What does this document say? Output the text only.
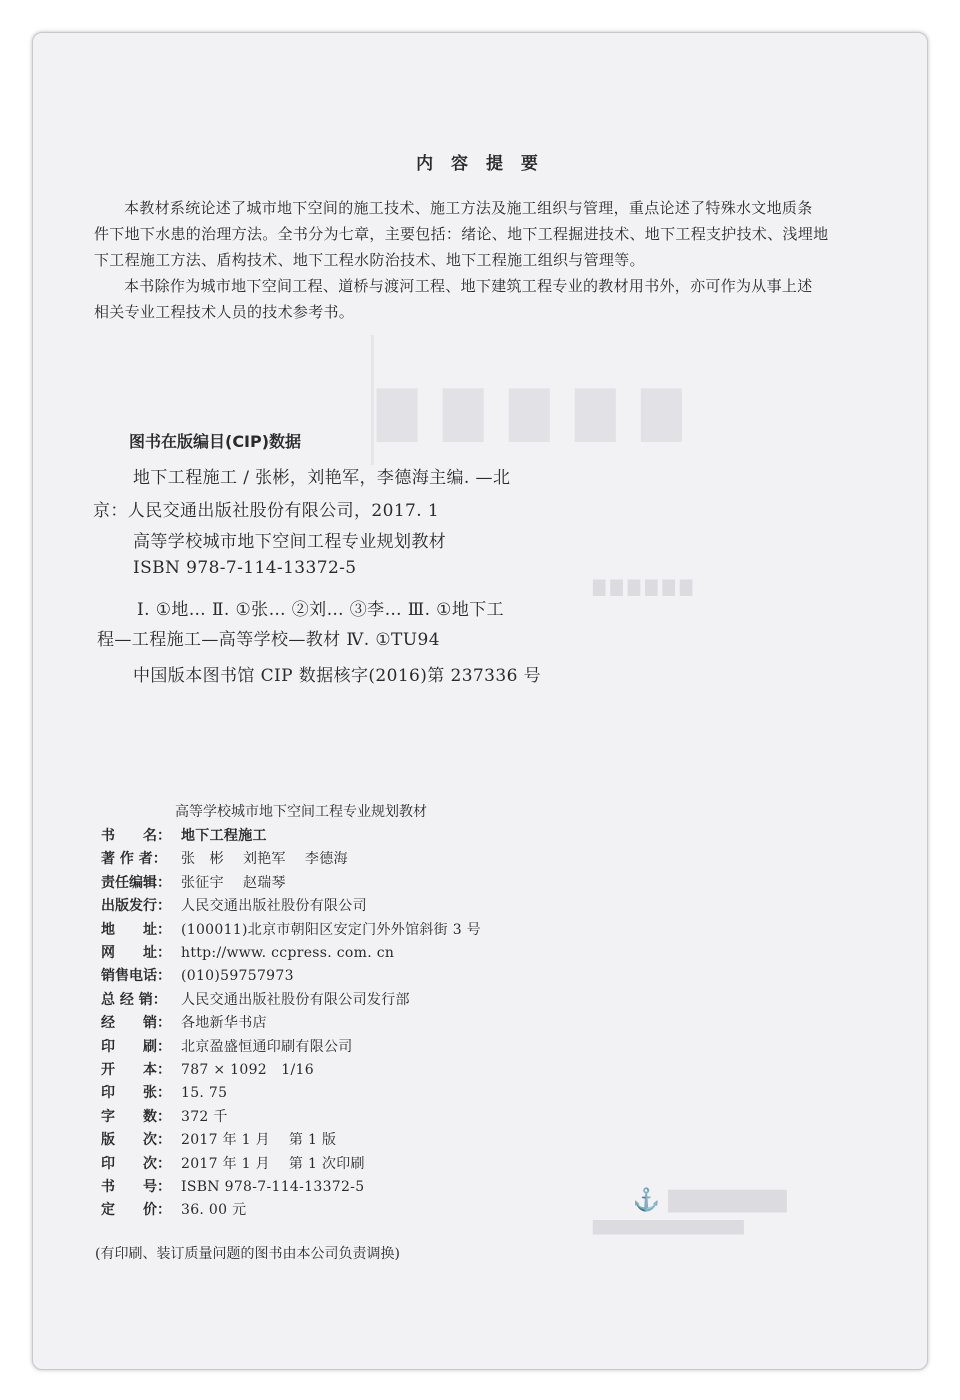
▇ ▇ ▇ ▇ ▇
▇ ▇ ▇ ▇ ▇ ▇
▇▇▇▇▇▇▇ ⚓
▇▇▇▇▇▇▇▇▇▇▇▇▇▇
内 容 提 要
本教材系统论述了城市地下空间的施工技术、施工方法及施工组织与管理，重点论述了特殊水文地质条
件下地下水患的治理方法。全书分为七章，主要包括：绪论、地下工程掘进技术、地下工程支护技术、浅埋地
下工程施工方法、盾构技术、地下工程水防治技术、地下工程施工组织与管理等。
本书除作为城市地下空间工程、道桥与渡河工程、地下建筑工程专业的教材用书外，亦可作为从事上述
相关专业工程技术人员的技术参考书。
图书在版编目(CIP)数据
地下工程施工 / 张彬，刘艳军，李德海主编. —北
京：人民交通出版社股份有限公司，2017. 1
高等学校城市地下空间工程专业规划教材
ISBN 978-7-114-13372-5
Ⅰ. ①地… Ⅱ. ①张… ②刘… ③李… Ⅲ. ①地下工
程—工程施工—高等学校—教材 Ⅳ. ①TU94
中国版本图书馆 CIP 数据核字(2016)第 237336 号
高等学校城市地下空间工程专业规划教材
书　　名： 地下工程施工
著 作 者：	张　彬　 刘艳军　 李德海
责任编辑： 张征宇　 赵瑞琴
出版发行： 人民交通出版社股份有限公司
地　　址： (100011)北京市朝阳区安定门外外馆斜街 3 号
网　　址： http://www. ccpress. com. cn
销售电话： (010)59757973
总 经 销：	人民交通出版社股份有限公司发行部
经　　销： 各地新华书店
印　　刷： 北京盈盛恒通印刷有限公司
开　　本： 787 × 1092　1/16
印　　张： 15. 75
字　　数： 372 千
版　　次： 2017 年 1 月　 第 1 版
印　　次： 2017 年 1 月　 第 1 次印刷
书　　号： ISBN 978-7-114-13372-5
定　　价： 36. 00 元
(有印刷、装订质量问题的图书由本公司负责调换)
